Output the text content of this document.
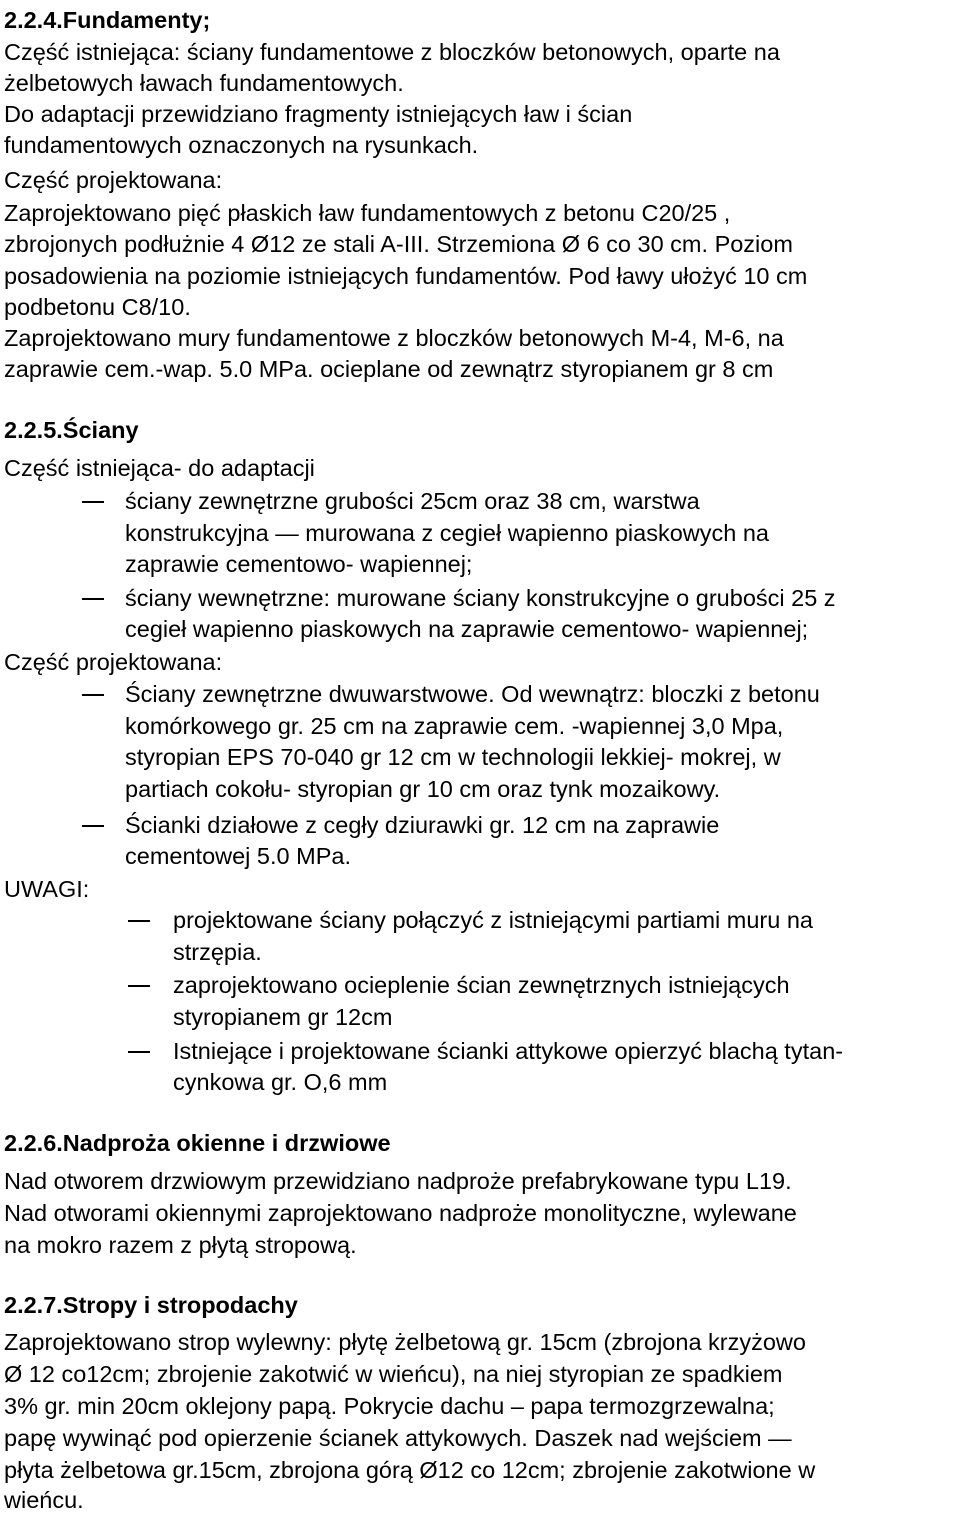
2.2.4.Fundamenty;
Część istniejąca: ściany fundamentowe z bloczków betonowych, oparte na
żelbetowych ławach fundamentowych.
Do adaptacji przewidziano fragmenty istniejących ław i ścian
fundamentowych oznaczonych na rysunkach.
Część projektowana:
Zaprojektowano pięć płaskich ław fundamentowych z betonu C20/25 ,
zbrojonych podłużnie 4 Ø12 ze stali A-III. Strzemiona Ø 6 co 30 cm. Poziom
posadowienia na poziomie istniejących fundamentów. Pod ławy ułożyć 10 cm
podbetonu C8/10.
Zaprojektowano mury fundamentowe z bloczków betonowych M-4, M-6, na
zaprawie cem.-wap. 5.0 MPa. ocieplane od zewnątrz styropianem gr 8 cm
2.2.5.Ściany
Część istniejąca- do adaptacji
ściany zewnętrzne grubości 25cm oraz 38 cm, warstwa
konstrukcyjna — murowana z cegieł wapienno piaskowych na
zaprawie cementowo- wapiennej;
ściany wewnętrzne: murowane ściany konstrukcyjne o grubości 25 z
cegieł wapienno piaskowych na zaprawie cementowo- wapiennej;
Część projektowana:
Ściany zewnętrzne dwuwarstwowe. Od wewnątrz: bloczki z betonu
komórkowego gr. 25 cm na zaprawie cem. -wapiennej 3,0 Mpa,
styropian EPS 70-040 gr 12 cm w technologii lekkiej- mokrej, w
partiach cokołu- styropian gr 10 cm oraz tynk mozaikowy.
Ścianki działowe z cegły dziurawki gr. 12 cm na zaprawie
cementowej 5.0 MPa.
UWAGI:
projektowane ściany połączyć z istniejącymi partiami muru na
strzępia.
zaprojektowano ocieplenie ścian zewnętrznych istniejących
styropianem gr 12cm
Istniejące i projektowane ścianki attykowe opierzyć blachą tytan-
cynkowa gr. O,6 mm
2.2.6.Nadproża okienne i drzwiowe
Nad otworem drzwiowym przewidziano nadproże prefabrykowane typu L19.
Nad otworami okiennymi zaprojektowano nadproże monolityczne, wylewane
na mokro razem z płytą stropową.
2.2.7.Stropy i stropodachy
Zaprojektowano strop wylewny: płytę żelbetową gr. 15cm (zbrojona krzyżowo
Ø 12 co12cm; zbrojenie zakotwić w wieńcu), na niej styropian ze spadkiem
3% gr. min 20cm oklejony papą. Pokrycie dachu – papa termozgrzewalna;
papę wywinąć pod opierzenie ścianek attykowych. Daszek nad wejściem —
płyta żelbetowa gr.15cm, zbrojona górą Ø12 co 12cm; zbrojenie zakotwione w
wieńcu.
